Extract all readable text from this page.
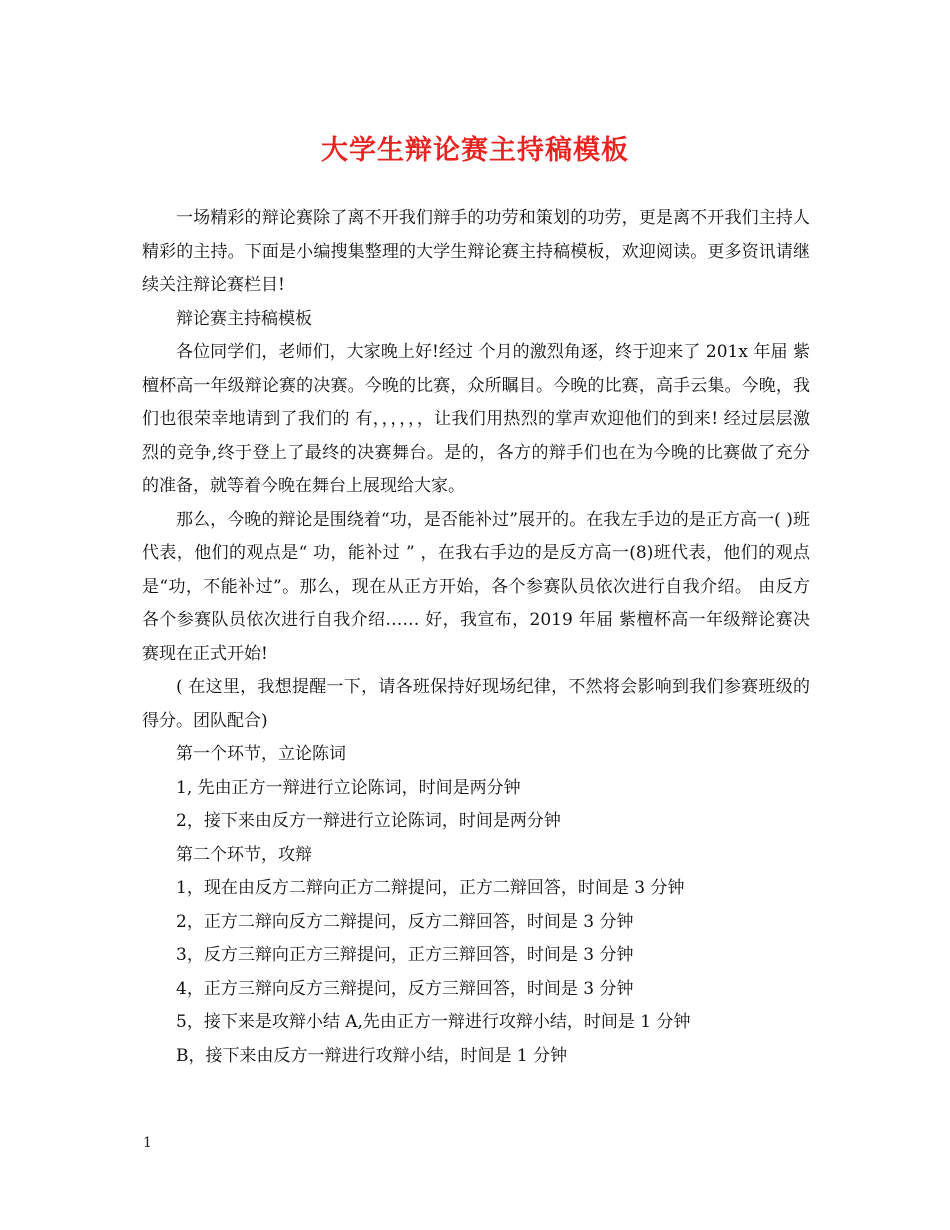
大学生辩论赛主持稿模板

一场精彩的辩论赛除了离不开我们辩手的功劳和策划的功劳，更是离不开我们主持人精彩的主持。下面是小编搜集整理的大学生辩论赛主持稿模板，欢迎阅读。更多资讯请继续关注辩论赛栏目!

辩论赛主持稿模板

各位同学们，老师们，大家晚上好!经过 个月的激烈角逐，终于迎来了 201x 年届 紫檀杯高一年级辩论赛的决赛。今晚的比赛，众所瞩目。今晚的比赛，高手云集。今晚，我们也很荣幸地请到了我们的 有，，，，，，让我们用热烈的掌声欢迎他们的到来! 经过层层激烈的竞争,终于登上了最终的决赛舞台。是的，各方的辩手们也在为今晚的比赛做了充分的准备，就等着今晚在舞台上展现给大家。

那么，今晚的辩论是围绕着“功，是否能补过”展开的。在我左手边的是正方高一( )班代表，他们的观点是“ 功，能补过 ” ，在我右手边的是反方高一(8)班代表，他们的观点是“功，不能补过”。那么，现在从正方开始，各个参赛队员依次进行自我介绍。 由反方各个参赛队员依次进行自我介绍…… 好，我宣布，2019 年届 紫檀杯高一年级辩论赛决赛现在正式开始!

( 在这里，我想提醒一下，请各班保持好现场纪律，不然将会影响到我们参赛班级的得分。团队配合)

第一个环节，立论陈词

1, 先由正方一辩进行立论陈词，时间是两分钟

2，接下来由反方一辩进行立论陈词，时间是两分钟

第二个环节，攻辩

1，现在由反方二辩向正方二辩提问，正方二辩回答，时间是 3 分钟

2，正方二辩向反方二辩提问，反方二辩回答，时间是 3 分钟

3，反方三辩向正方三辩提问，正方三辩回答，时间是 3 分钟

4，正方三辩向反方三辩提问，反方三辩回答，时间是 3 分钟

5，接下来是攻辩小结 A,先由正方一辩进行攻辩小结，时间是 1 分钟

B，接下来由反方一辩进行攻辩小结，时间是 1 分钟

1
